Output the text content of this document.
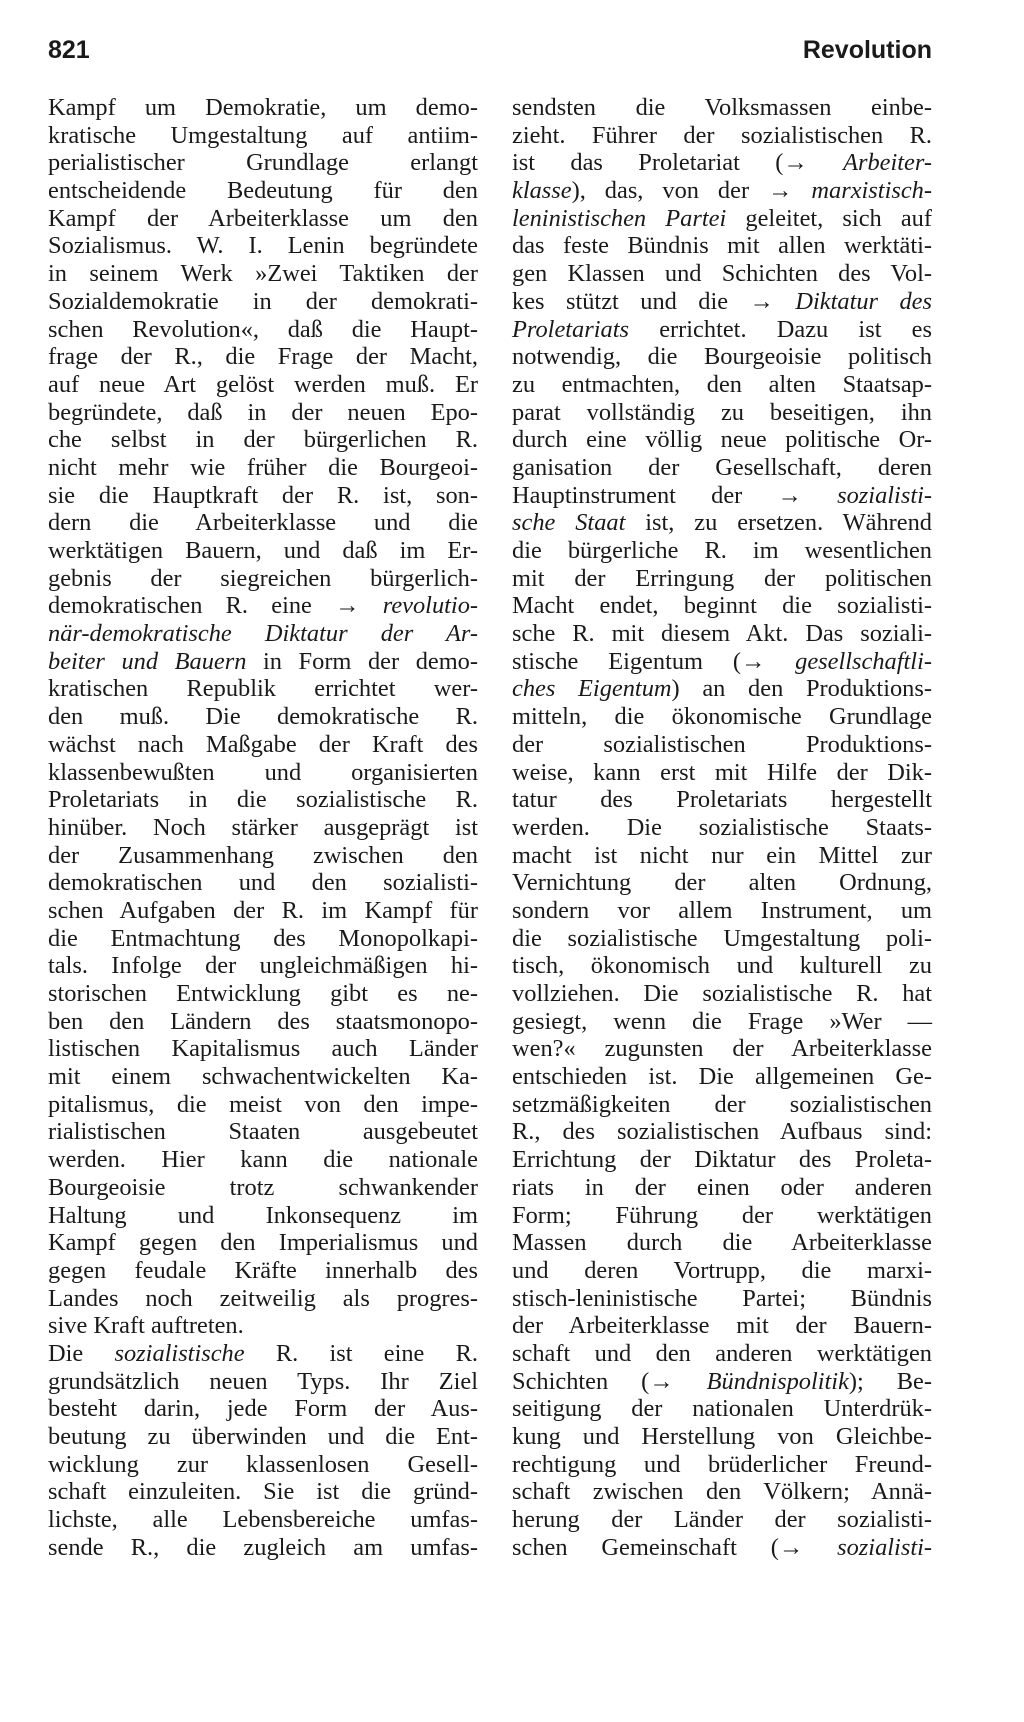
821	Revolution
Kampf um Demokratie, um demo-
kratische Umgestaltung auf antiim-
perialistischer Grundlage erlangt
entscheidende Bedeutung für den
Kampf der Arbeiterklasse um den
Sozialismus. W. I. Lenin begründete
in seinem Werk »Zwei Taktiken der
Sozialdemokratie in der demokrati-
schen Revolution«, daß die Haupt-
frage der R., die Frage der Macht,
auf neue Art gelöst werden muß. Er
begründete, daß in der neuen Epo-
che selbst in der bürgerlichen R.
nicht mehr wie früher die Bourgeoi-
sie die Hauptkraft der R. ist, son-
dern die Arbeiterklasse und die
werktätigen Bauern, und daß im Er-
gebnis der siegreichen bürgerlich-
demokratischen R. eine → revolutio-
när-demokratische Diktatur der Ar-
beiter und Bauern in Form der demo-
kratischen Republik errichtet wer-
den muß. Die demokratische R.
wächst nach Maßgabe der Kraft des
klassenbewußten und organisierten
Proletariats in die sozialistische R.
hinüber. Noch stärker ausgeprägt ist
der Zusammenhang zwischen den
demokratischen und den sozialisti-
schen Aufgaben der R. im Kampf für
die Entmachtung des Monopolkapi-
tals. Infolge der ungleichmäßigen hi-
storischen Entwicklung gibt es ne-
ben den Ländern des staatsmonopo-
listischen Kapitalismus auch Länder
mit einem schwachentwickelten Ka-
pitalismus, die meist von den impe-
rialistischen Staaten ausgebeutet
werden. Hier kann die nationale
Bourgeoisie trotz schwankender
Haltung und Inkonsequenz im
Kampf gegen den Imperialismus und
gegen feudale Kräfte innerhalb des
Landes noch zeitweilig als progres-
sive Kraft auftreten.
Die sozialistische R. ist eine R.
grundsätzlich neuen Typs. Ihr Ziel
besteht darin, jede Form der Aus-
beutung zu überwinden und die Ent-
wicklung zur klassenlosen Gesell-
schaft einzuleiten. Sie ist die gründ-
lichste, alle Lebensbereiche umfas-
sende R., die zugleich am umfas-
sendsten die Volksmassen einbe-
zieht. Führer der sozialistischen R.
ist das Proletariat (→ Arbeiter-
klasse), das, von der → marxistisch-
leninistischen Partei geleitet, sich auf
das feste Bündnis mit allen werktäti-
gen Klassen und Schichten des Vol-
kes stützt und die → Diktatur des
Proletariats errichtet. Dazu ist es
notwendig, die Bourgeoisie politisch
zu entmachten, den alten Staatsap-
parat vollständig zu beseitigen, ihn
durch eine völlig neue politische Or-
ganisation der Gesellschaft, deren
Hauptinstrument der → sozialisti-
sche Staat ist, zu ersetzen. Während
die bürgerliche R. im wesentlichen
mit der Erringung der politischen
Macht endet, beginnt die sozialisti-
sche R. mit diesem Akt. Das soziali-
stische Eigentum (→ gesellschaftli-
ches Eigentum) an den Produktions-
mitteln, die ökonomische Grundlage
der sozialistischen Produktions-
weise, kann erst mit Hilfe der Dik-
tatur des Proletariats hergestellt
werden. Die sozialistische Staats-
macht ist nicht nur ein Mittel zur
Vernichtung der alten Ordnung,
sondern vor allem Instrument, um
die sozialistische Umgestaltung poli-
tisch, ökonomisch und kulturell zu
vollziehen. Die sozialistische R. hat
gesiegt, wenn die Frage »Wer —
wen?« zugunsten der Arbeiterklasse
entschieden ist. Die allgemeinen Ge-
setzmäßigkeiten der sozialistischen
R., des sozialistischen Aufbaus sind:
Errichtung der Diktatur des Proleta-
riats in der einen oder anderen
Form; Führung der werktätigen
Massen durch die Arbeiterklasse
und deren Vortrupp, die marxi-
stisch-leninistische Partei; Bündnis
der Arbeiterklasse mit der Bauern-
schaft und den anderen werktätigen
Schichten (→ Bündnispolitik); Be-
seitigung der nationalen Unterdrük-
kung und Herstellung von Gleichbe-
rechtigung und brüderlicher Freund-
schaft zwischen den Völkern; Annä-
herung der Länder der sozialisti-
schen Gemeinschaft (→ sozialisti-
